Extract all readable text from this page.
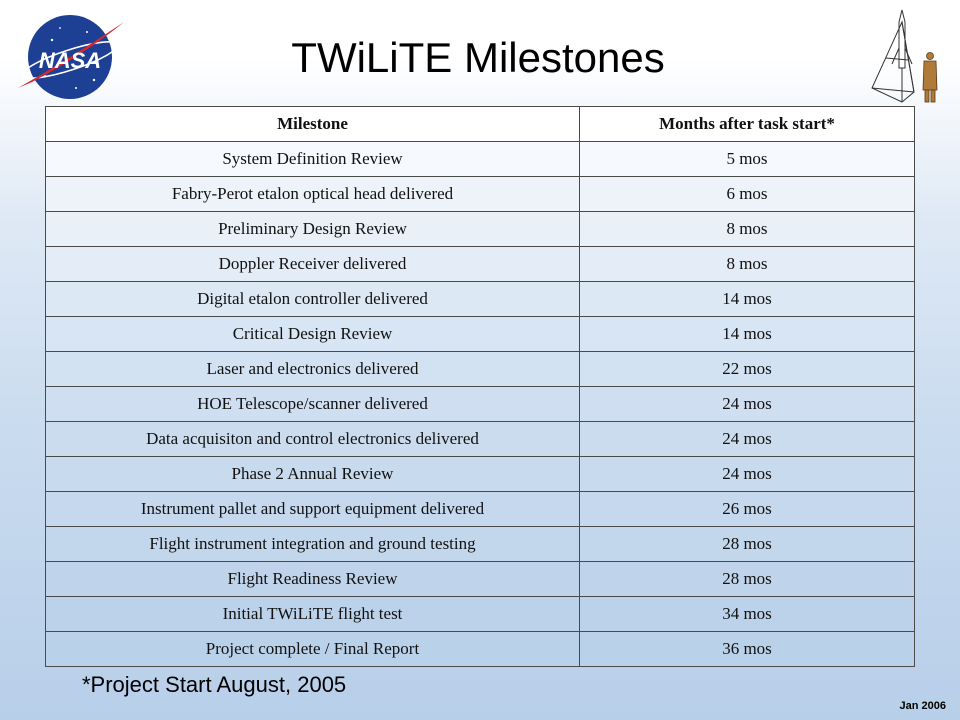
NASA	TWiLiTE Milestones
Milestone	Months after task start*
System Definition Review	5 mos
Fabry-Perot etalon optical head delivered	6 mos
Preliminary Design Review	8 mos
Doppler Receiver delivered	8 mos
Digital etalon controller delivered	14 mos
Critical Design Review	14 mos
Laser and electronics delivered	22 mos
HOE Telescope/scanner delivered	24 mos
Data acquisiton and control electronics delivered	24 mos
Phase 2 Annual Review	24 mos
Instrument pallet and support equipment delivered	26 mos
Flight instrument integration and ground testing	28 mos
Flight Readiness Review	28 mos
Initial TWiLiTE flight test	34 mos
Project complete / Final Report	36 mos
*Project Start August, 2005
Jan 2006
